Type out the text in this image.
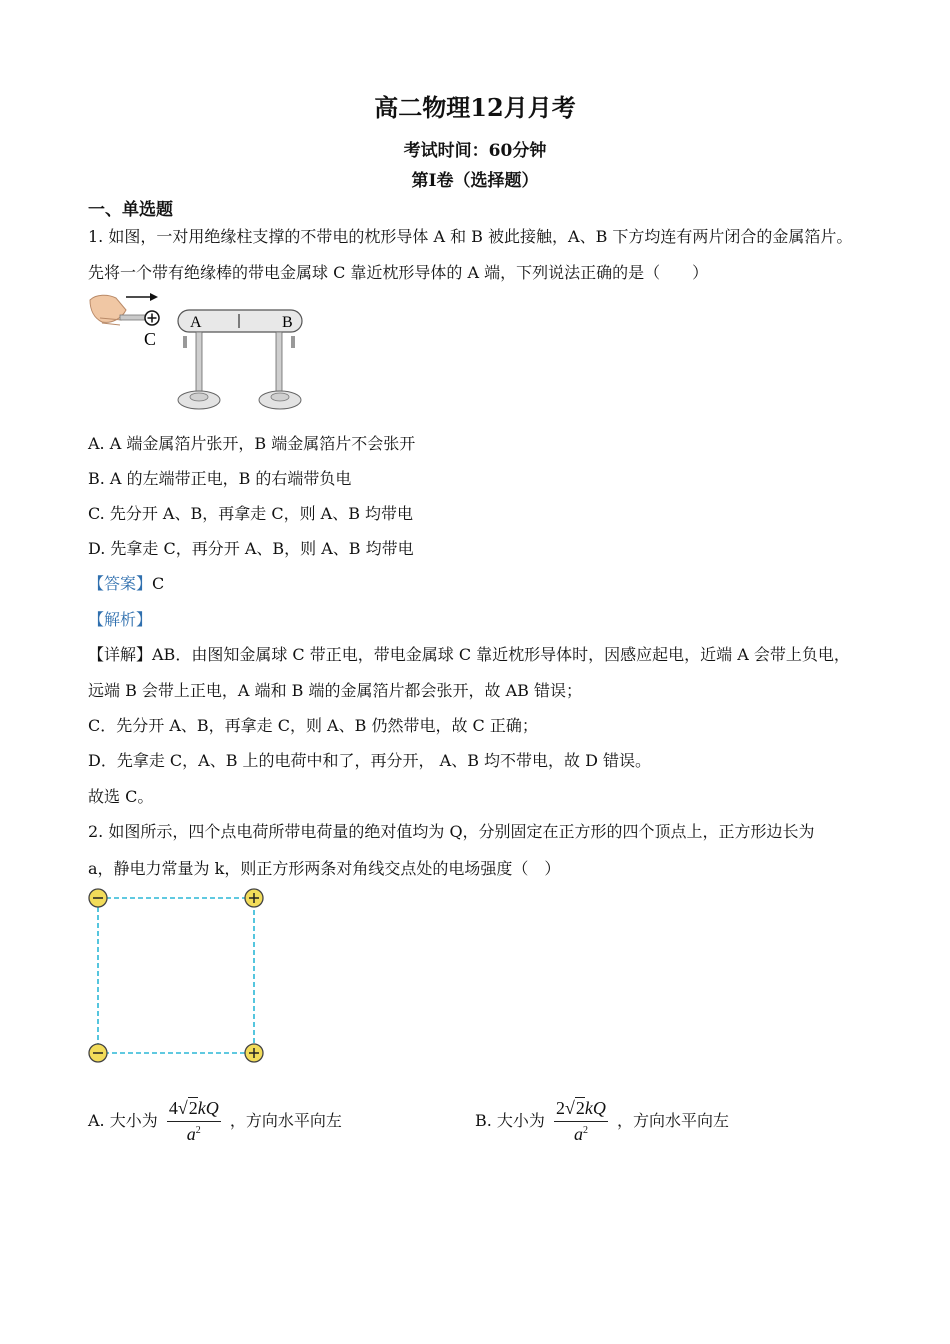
高二物理12月月考
考试时间：60分钟
第Ⅰ卷（选择题）
一、单选题
1. 如图，一对用绝缘柱支撑的不带电的枕形导体 A 和 B 被此接触，A、B 下方均连有两片闭合的金属箔片。
先将一个带有绝缘棒的带电金属球 C 靠近枕形导体的 A 端，下列说法正确的是（　　）
C
A	B
A. A 端金属箔片张开，B 端金属箔片不会张开
B. A 的左端带正电，B 的右端带负电
C. 先分开 A、B，再拿走 C，则 A、B 均带电
D. 先拿走 C，再分开 A、B，则 A、B 均带电
【答案】C
【解析】
【详解】AB．由图知金属球 C 带正电，带电金属球 C 靠近枕形导体时，因感应起电，近端 A 会带上负电，
远端 B 会带上正电，A 端和 B 端的金属箔片都会张开，故 AB 错误；
C．先分开 A、B，再拿走 C，则 A、B 仍然带电，故 C 正确；
D．先拿走 C，A、B 上的电荷中和了，再分开， A、B 均不带电，故 D 错误。
故选 C。
2. 如图所示，四个点电荷所带电荷量的绝对值均为 Q，分别固定在正方形的四个顶点上，正方形边长为
a，静电力常量为 k，则正方形两条对角线交点处的电场强度（　）
A. 大小为 $\frac{4√2kQ}{a^2}$ ，方向水平向左	B. 大小为 $\frac{2√2kQ}{a^2}$ ，方向水平向左
